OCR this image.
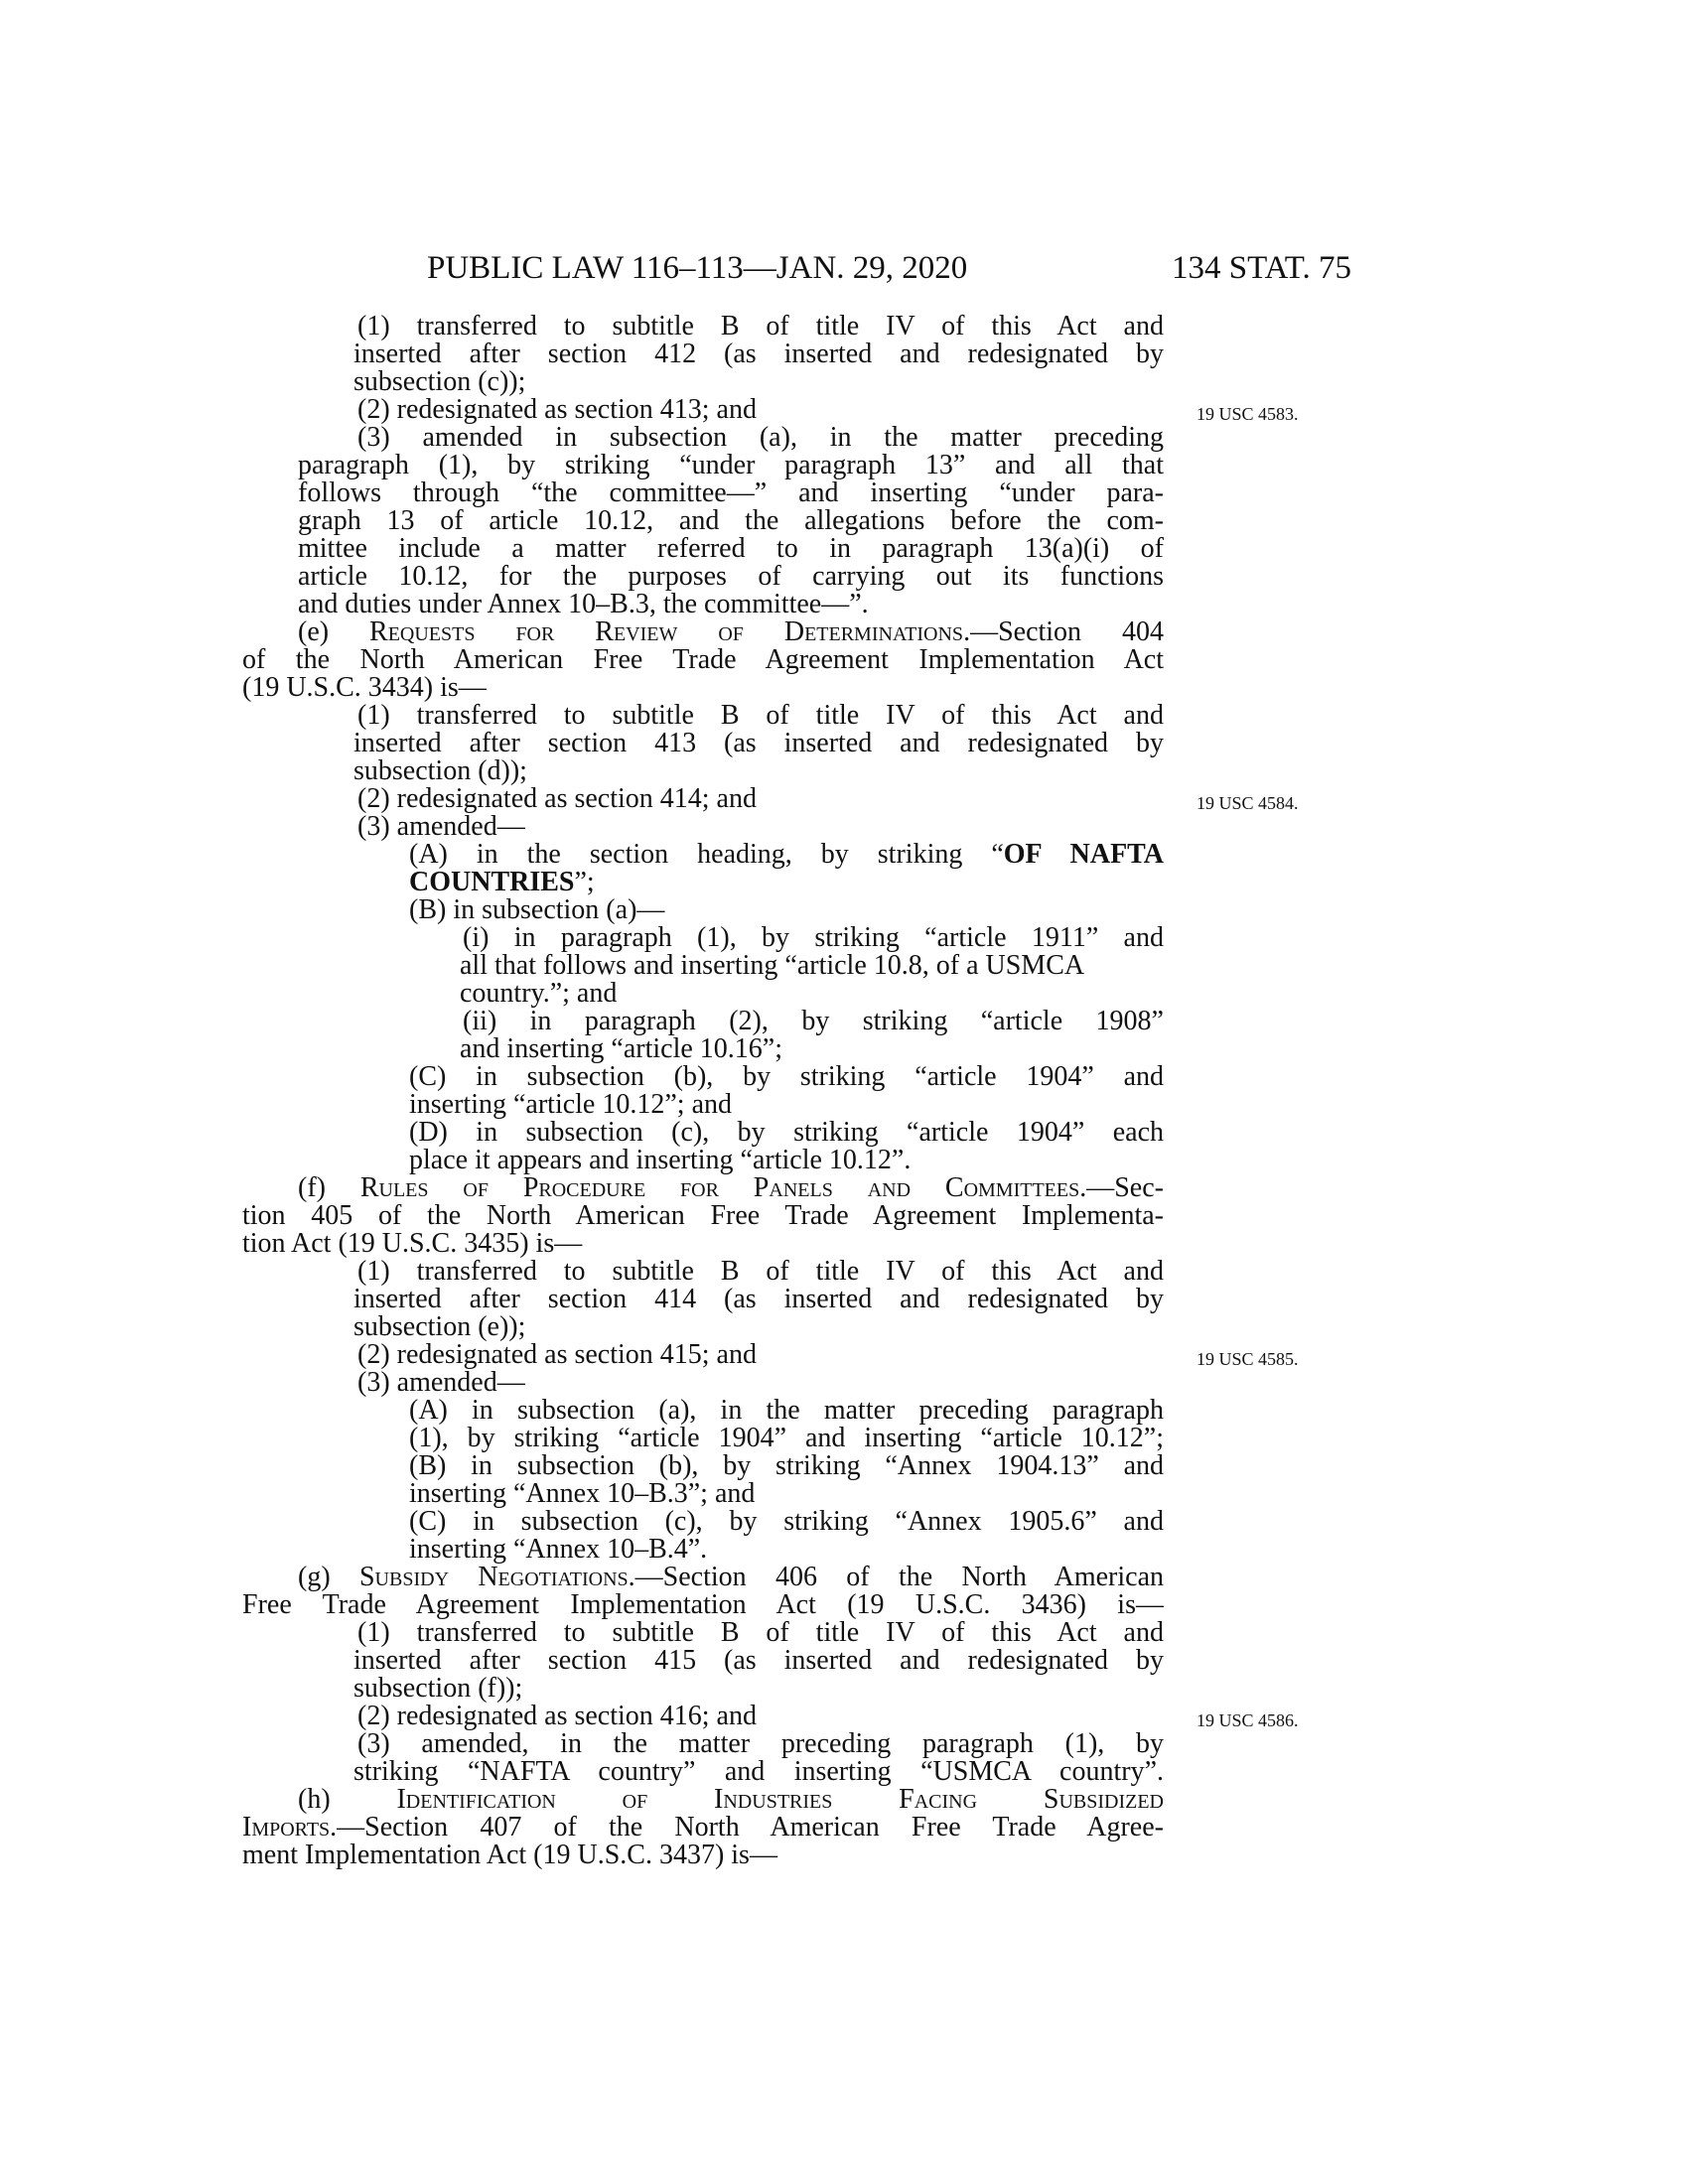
PUBLIC LAW 116–113—JAN. 29, 2020	134 STAT. 75
19 USC 4583.
19 USC 4584.
19 USC 4585.
19 USC 4586.
(1) transferred to subtitle B of title IV of this Act and
inserted after section 412 (as inserted and redesignated by
subsection (c));
(2) redesignated as section 413; and
(3) amended in subsection (a), in the matter preceding
paragraph (1), by striking “under paragraph 13” and all that
follows through “the committee—” and inserting “under para-
graph 13 of article 10.12, and the allegations before the com-
mittee include a matter referred to in paragraph 13(a)(i) of
article 10.12, for the purposes of carrying out its functions
and duties under Annex 10–B.3, the committee—”.
(e) Requests for Review of Determinations.—Section 404
of the North American Free Trade Agreement Implementation Act
(19 U.S.C. 3434) is—
(1) transferred to subtitle B of title IV of this Act and
inserted after section 413 (as inserted and redesignated by
subsection (d));
(2) redesignated as section 414; and
(3) amended—
(A) in the section heading, by striking “OF NAFTA
COUNTRIES”;
(B) in subsection (a)—
(i) in paragraph (1), by striking “article 1911” and
all that follows and inserting “article 10.8, of a USMCA
country.”; and
(ii) in paragraph (2), by striking “article 1908”
and inserting “article 10.16”;
(C) in subsection (b), by striking “article 1904” and
inserting “article 10.12”; and
(D) in subsection (c), by striking “article 1904” each
place it appears and inserting “article 10.12”.
(f) Rules of Procedure for Panels and Committees.—Sec-
tion 405 of the North American Free Trade Agreement Implementa-
tion Act (19 U.S.C. 3435) is—
(1) transferred to subtitle B of title IV of this Act and
inserted after section 414 (as inserted and redesignated by
subsection (e));
(2) redesignated as section 415; and
(3) amended—
(A) in subsection (a), in the matter preceding paragraph
(1), by striking “article 1904” and inserting “article 10.12”;
(B) in subsection (b), by striking “Annex 1904.13” and
inserting “Annex 10–B.3”; and
(C) in subsection (c), by striking “Annex 1905.6” and
inserting “Annex 10–B.4”.
(g) Subsidy Negotiations.—Section 406 of the North American
Free Trade Agreement Implementation Act (19 U.S.C. 3436) is—
(1) transferred to subtitle B of title IV of this Act and
inserted after section 415 (as inserted and redesignated by
subsection (f));
(2) redesignated as section 416; and
(3) amended, in the matter preceding paragraph (1), by
striking “NAFTA country” and inserting “USMCA country”.
(h) Identification of Industries Facing Subsidized
Imports.—Section 407 of the North American Free Trade Agree-
ment Implementation Act (19 U.S.C. 3437) is—
